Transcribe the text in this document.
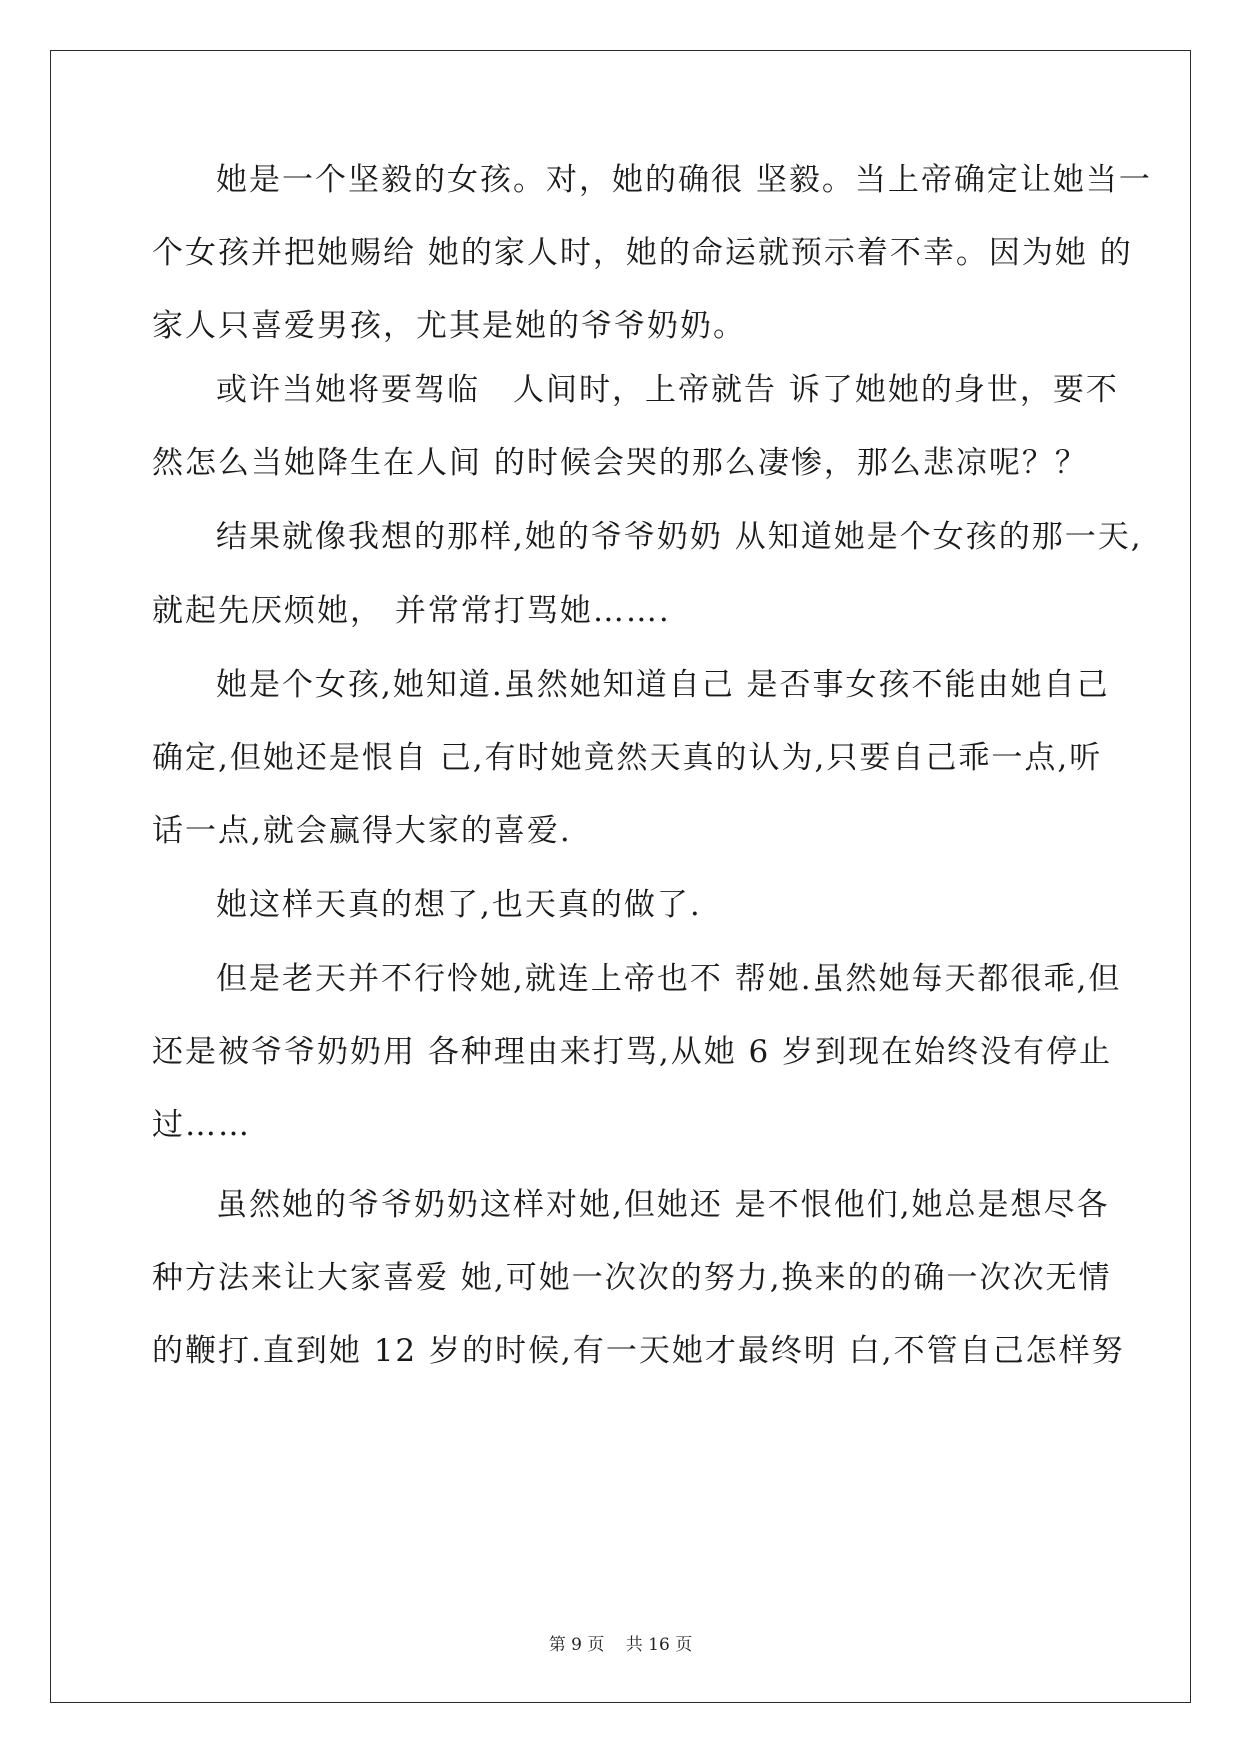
她是一个坚毅的女孩。对，她的确很 坚毅。当上帝确定让她当一
个女孩并把她赐给 她的家人时，她的命运就预示着不幸。因为她 的
家人只喜爱男孩，尤其是她的爷爷奶奶。
或许当她将要驾临　人间时，上帝就告 诉了她她的身世，要不
然怎么当她降生在人间 的时候会哭的那么凄惨，那么悲凉呢？？
结果就像我想的那样,她的爷爷奶奶 从知道她是个女孩的那一天,
就起先厌烦她， 并常常打骂她…….
她是个女孩,她知道.虽然她知道自己 是否事女孩不能由她自己
确定,但她还是恨自 己,有时她竟然天真的认为,只要自己乖一点,听
话一点,就会赢得大家的喜爱.
她这样天真的想了,也天真的做了.
但是老天并不行怜她,就连上帝也不 帮她.虽然她每天都很乖,但
还是被爷爷奶奶用 各种理由来打骂,从她 6 岁到现在始终没有停止
过……
虽然她的爷爷奶奶这样对她,但她还 是不恨他们,她总是想尽各
种方法来让大家喜爱 她,可她一次次的努力,换来的的确一次次无情
的鞭打.直到她 12 岁的时候,有一天她才最终明 白,不管自己怎样努
第 9 页 共 16 页
